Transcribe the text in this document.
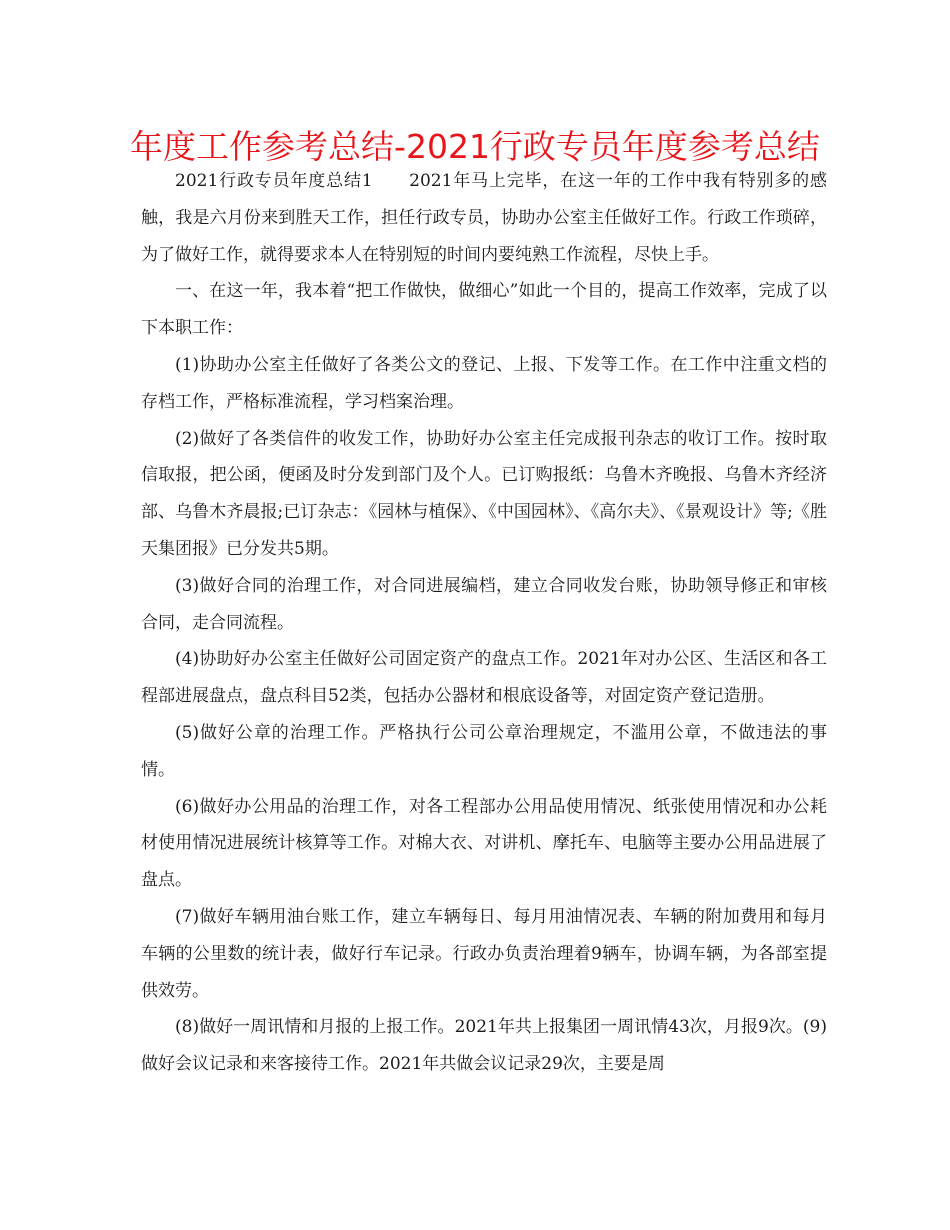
年度工作参考总结-2021行政专员年度参考总结

2021行政专员年度总结1　　2021年马上完毕，在这一年的工作中我有特别多的感触，我是六月份来到胜天工作，担任行政专员，协助办公室主任做好工作。行政工作琐碎，为了做好工作，就得要求本人在特别短的时间内要纯熟工作流程，尽快上手。

一、在这一年，我本着“把工作做快，做细心”如此一个目的，提高工作效率，完成了以下本职工作：

(1)协助办公室主任做好了各类公文的登记、上报、下发等工作。在工作中注重文档的存档工作，严格标准流程，学习档案治理。

(2)做好了各类信件的收发工作，协助好办公室主任完成报刊杂志的收订工作。按时取信取报，把公函，便函及时分发到部门及个人。已订购报纸：乌鲁木齐晚报、乌鲁木齐经济部、乌鲁木齐晨报;已订杂志：《园林与植保》、《中国园林》、《高尔夫》、《景观设计》等;《胜天集团报》已分发共5期。

(3)做好合同的治理工作，对合同进展编档，建立合同收发台账，协助领导修正和审核合同，走合同流程。

(4)协助好办公室主任做好公司固定资产的盘点工作。2021年对办公区、生活区和各工程部进展盘点，盘点科目52类，包括办公器材和根底设备等，对固定资产登记造册。

(5)做好公章的治理工作。严格执行公司公章治理规定，不滥用公章，不做违法的事情。

(6)做好办公用品的治理工作，对各工程部办公用品使用情况、纸张使用情况和办公耗材使用情况进展统计核算等工作。对棉大衣、对讲机、摩托车、电脑等主要办公用品进展了盘点。

(7)做好车辆用油台账工作，建立车辆每日、每月用油情况表、车辆的附加费用和每月车辆的公里数的统计表，做好行车记录。行政办负责治理着9辆车，协调车辆，为各部室提供效劳。

(8)做好一周讯情和月报的上报工作。2021年共上报集团一周讯情43次，月报9次。(9)做好会议记录和来客接待工作。2021年共做会议记录29次，主要是周
